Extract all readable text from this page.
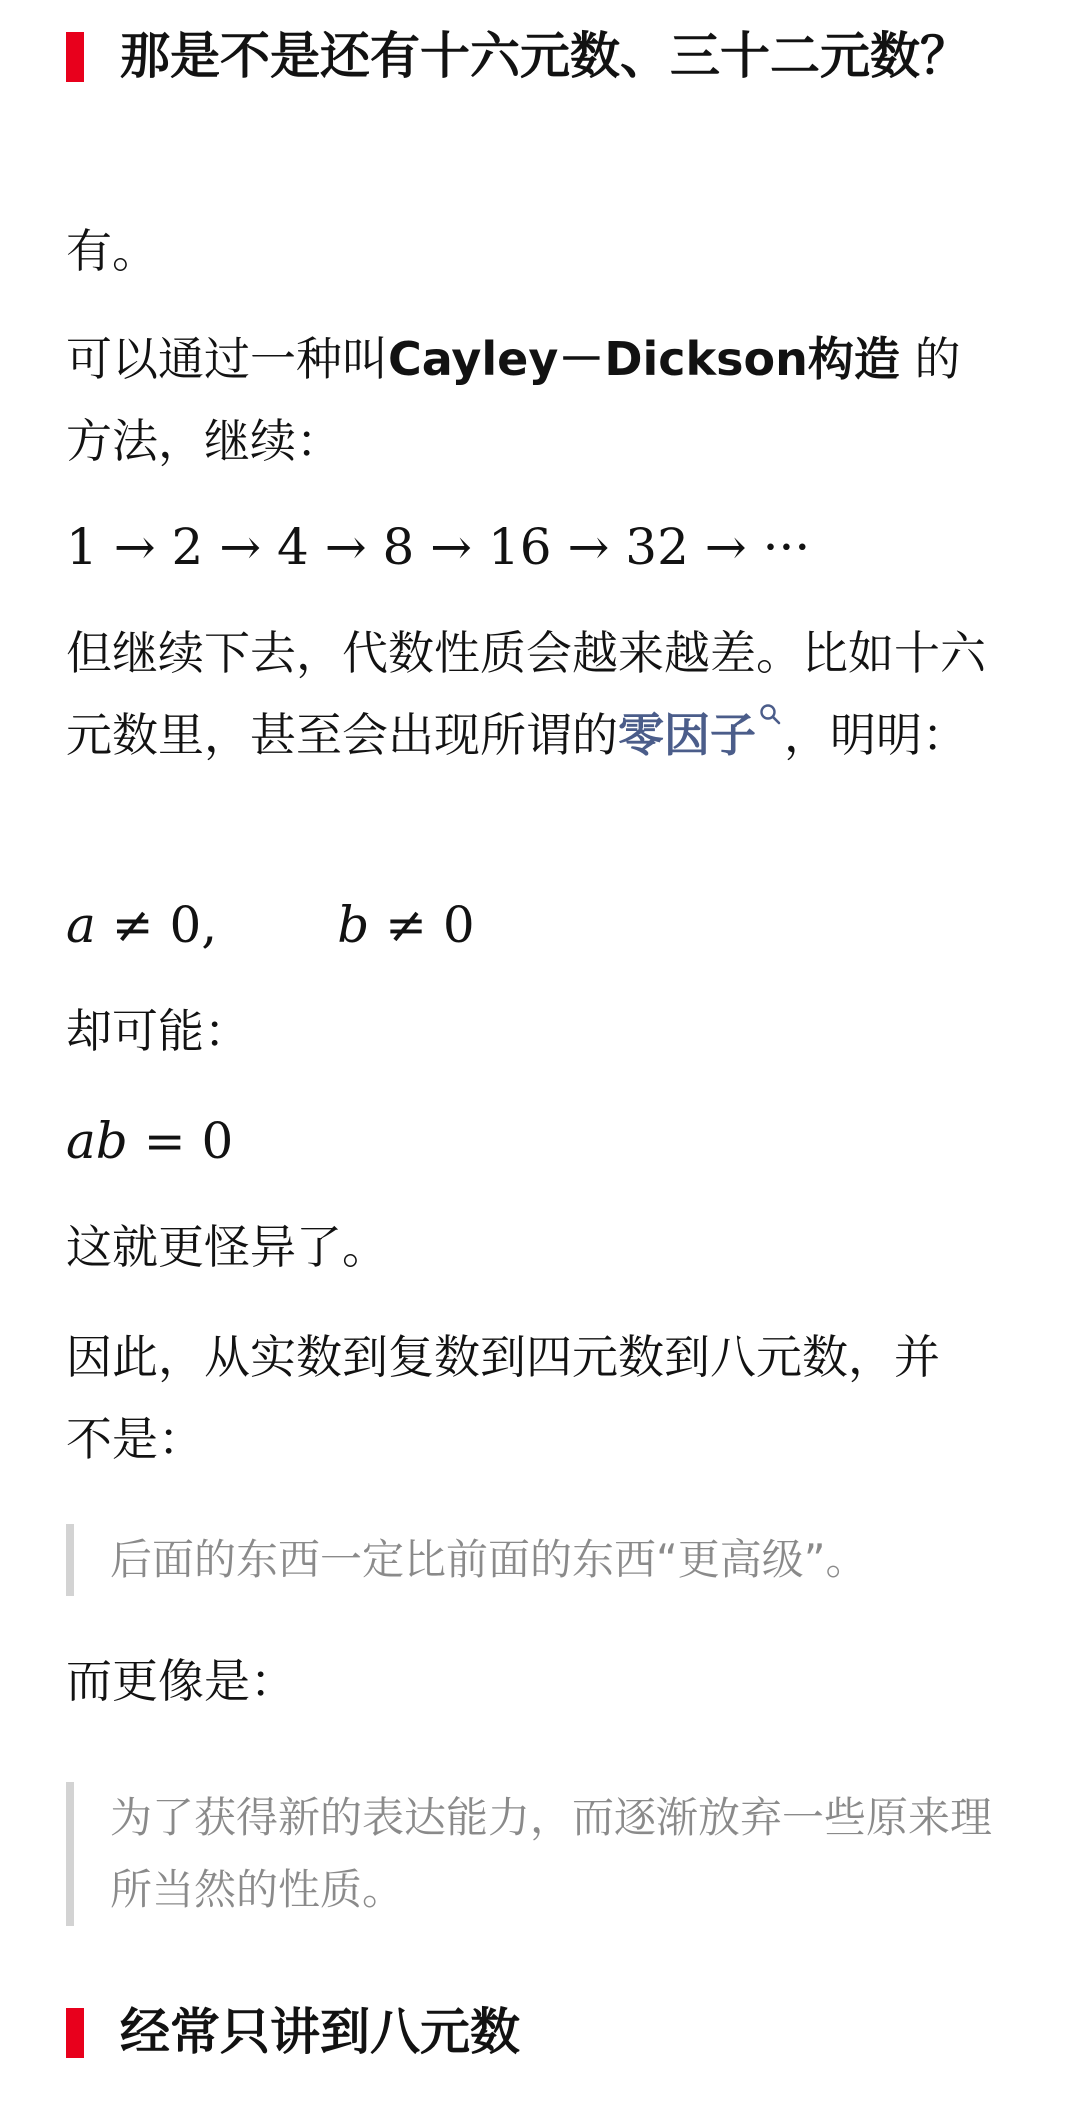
那是不是还有十六元数、三十二元数？
有。
可以通过一种叫Cayley－Dickson构造 的方法，继续：
1 → 2 → 4 → 8 → 16 → 32 → ···
但继续下去，代数性质会越来越差。比如十六元数里，甚至会出现所谓的零因子 ，明明：
a ≠ 0, b ≠ 0
却可能：
ab = 0
这就更怪异了。
因此，从实数到复数到四元数到八元数，并不是：
后面的东西一定比前面的东西“更高级”。
而更像是：
为了获得新的表达能力，而逐渐放弃一些原来理所当然的性质。
经常只讲到八元数
